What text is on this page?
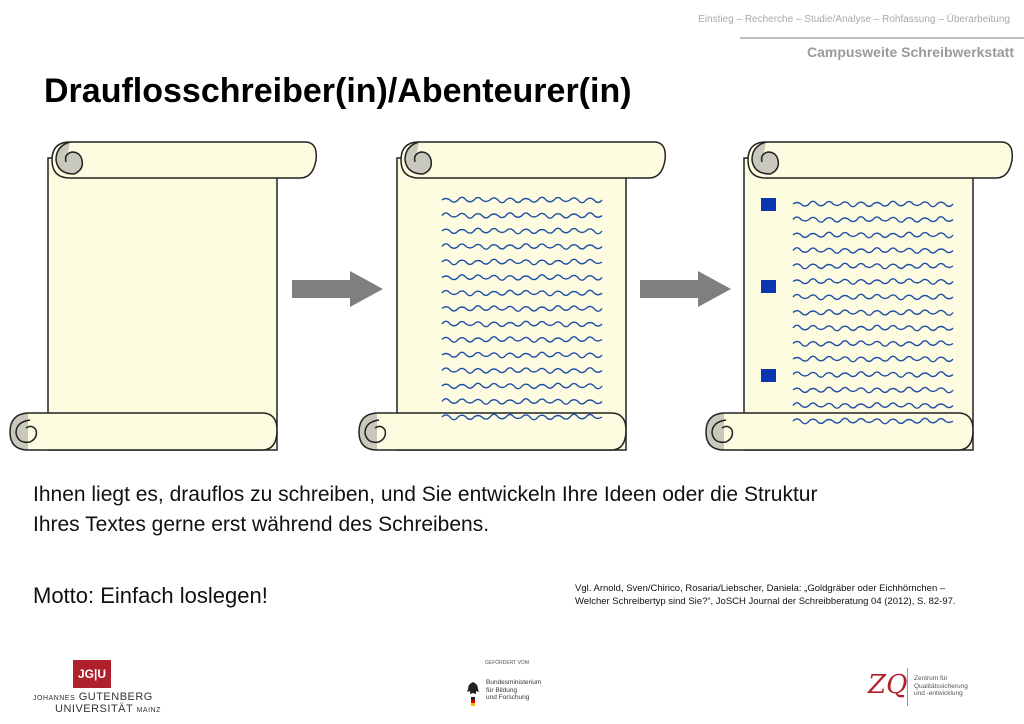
Einstieg – Recherche – Studie/Analyse – Rohfassung – Überarbeitung
Campusweite Schreibwerkstatt
Drauflosschreiber(in)/Abenteurer(in)
Ihnen liegt es, drauflos zu schreiben, und Sie entwickeln Ihre Ideen oder die Struktur
Ihres Textes gerne erst während des Schreibens.
Motto: Einfach loslegen!	Vgl. Arnold, Sven/Chirico, Rosaria/Liebscher, Daniela: „Goldgräber oder Eichhörnchen –
Welcher Schreibertyp sind Sie?“, JoSCH Journal der Schreibberatung 04 (2012), S. 82-97.
JG|U
JOHANNES GUTENBERG
UNIVERSITÄT MAINZ
GEFÖRDERT VOM
Bundesministerium
für Bildung
und Forschung	ZQ Zentrum für
Qualitätssicherung
und -entwicklung
